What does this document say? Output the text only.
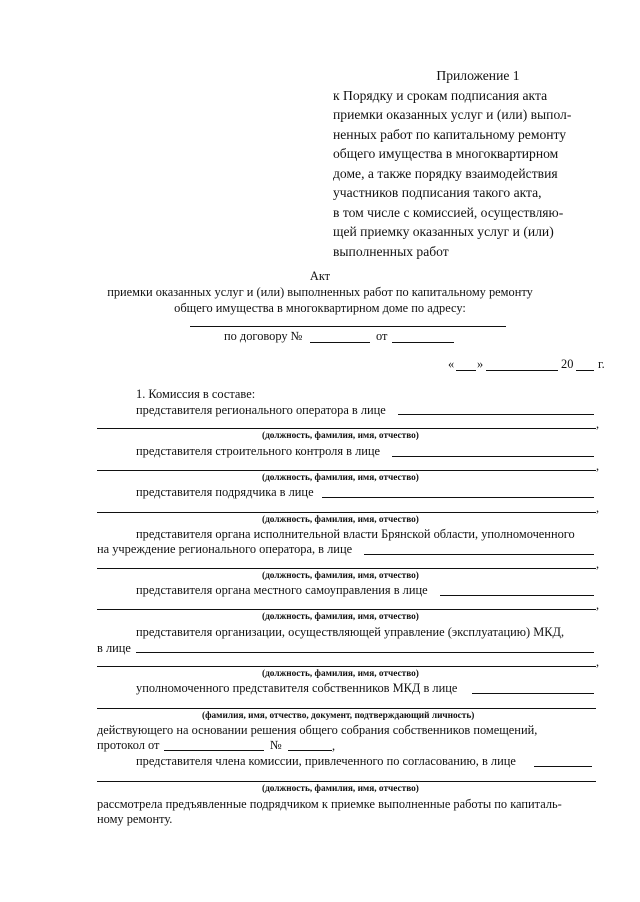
Приложение 1
к Порядку и срокам подписания акта
приемки оказанных услуг и (или) выпол-
ненных работ по капитальному ремонту
общего имущества в многоквартирном
доме, а также порядку взаимодействия
участников подписания такого акта,
в том числе с комиссией, осуществляю-
щей приемку оказанных услуг и (или)
выполненных работ
Акт
приемки оказанных услуг и (или) выполненных работ по капитальному ремонту
общего имущества в многоквартирном доме по адресу:
по договору №	от
« »	20 г.
1. Комиссия в составе:
представителя регионального оператора в лице
,
(должность, фамилия, имя, отчество)
представителя строительного контроля в лице
,
(должность, фамилия, имя, отчество)
представителя подрядчика в лице
,
(должность, фамилия, имя, отчество)
представителя органа исполнительной власти Брянской области, уполномоченного
на учреждение регионального оператора, в лице
,
(должность, фамилия, имя, отчество)
представителя органа местного самоуправления в лице
,
(должность, фамилия, имя, отчество)
представителя организации, осуществляющей управление (эксплуатацию) МКД,
в лице
,
(должность, фамилия, имя, отчество)
уполномоченного представителя собственников МКД в лице
(фамилия, имя, отчество, документ, подтверждающий личность)
действующего на основании решения общего собрания собственников помещений,
протокол от	№	,
представителя члена комиссии, привлеченного по согласованию, в лице
(должность, фамилия, имя, отчество)
рассмотрела предъявленные подрядчиком к приемке выполненные работы по капиталь-
ному ремонту.
